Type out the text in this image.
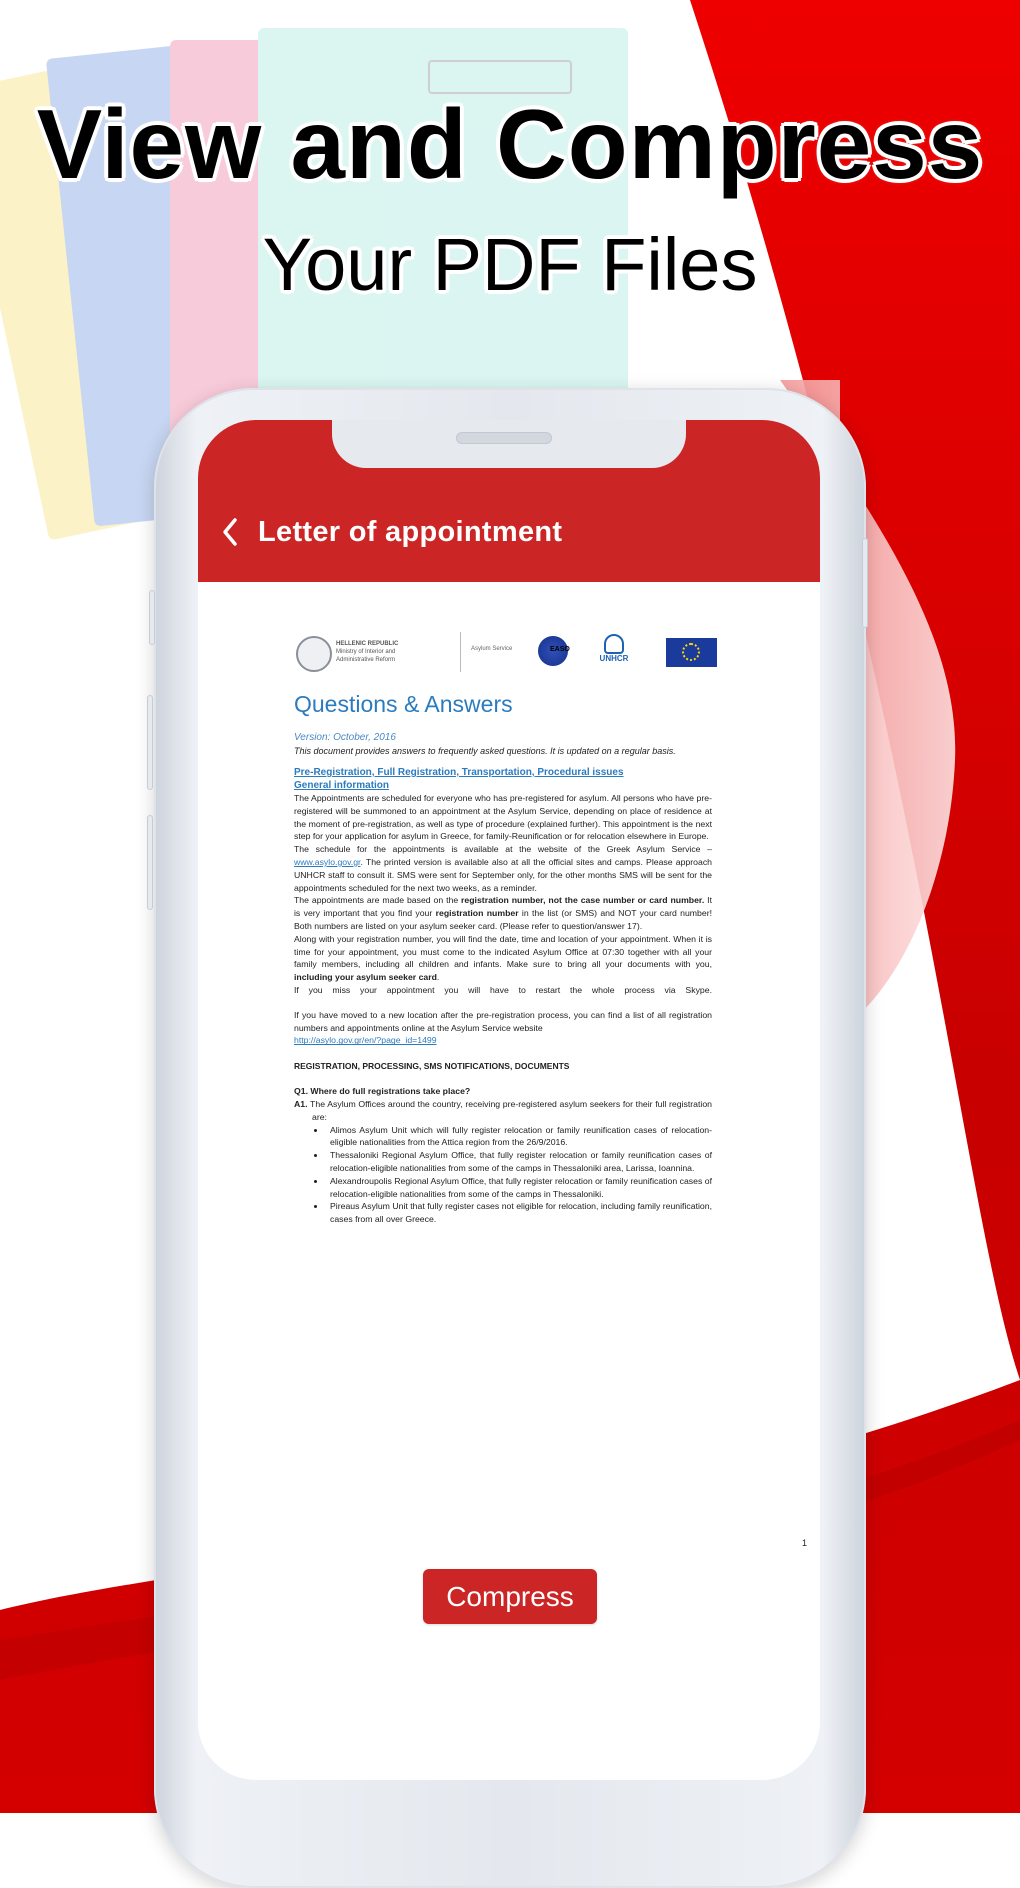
View and Compress
Your PDF Files
Letter of appointment
HELLENIC REPUBLIC
Ministry of Interior and
Administrative Reform
Asylum Service	EASO
UNHCR
Questions & Answers
Version: October, 2016
This document provides answers to frequently asked questions. It is updated on a regular basis.
Pre-Registration, Full Registration, Transportation, Procedural issues
General information

The Appointments are scheduled for everyone who has pre-registered for asylum. All persons who have pre-registered will be summoned to an appointment at the Asylum Service, depending on place of residence at the moment of pre-registration, as well as type of procedure (explained further). This appointment is the next step for your application for asylum in Greece, for family-Reunification or for relocation elsewhere in Europe.

The schedule for the appointments is available at the website of the Greek Asylum Service – www.asylo.gov.gr. The printed version is available also at all the official sites and camps. Please approach UNHCR staff to consult it. SMS were sent for September only, for the other months SMS will be sent for the appointments scheduled for the next two weeks, as a reminder.

The appointments are made based on the registration number, not the case number or card number. It is very important that you find your registration number in the list (or SMS) and NOT your card number! Both numbers are listed on your asylum seeker card. (Please refer to question/answer 17).

Along with your registration number, you will find the date, time and location of your appointment. When it is time for your appointment, you must come to the indicated Asylum Office at 07:30 together with all your family members, including all children and infants. Make sure to bring all your documents with you, including your asylum seeker card.

If you miss your appointment you will have to restart the whole process via Skype.

If you have moved to a new location after the pre-registration process, you can find a list of all registration numbers and appointments online at the Asylum Service website
http://asylo.gov.gr/en/?page_id=1499

REGISTRATION, PROCESSING, SMS NOTIFICATIONS, DOCUMENTS
Q1. Where do full registrations take place?

A1. The Asylum Offices around the country, receiving pre-registered asylum seekers for their full registration are:

• Alimos Asylum Unit which will fully register relocation or family reunification cases of relocation-eligible nationalities from the Attica region from the 26/9/2016.
• Thessaloniki Regional Asylum Office, that fully register relocation or family reunification cases of relocation-eligible nationalities from some of the camps in Thessaloniki area, Larissa, Ioannina.
• Alexandroupolis Regional Asylum Office, that fully register relocation or family reunification cases of relocation-eligible nationalities from some of the camps in Thessaloniki.
• Pireaus Asylum Unit that fully register cases not eligible for relocation, including family reunification, cases from all over Greece.
1
Compress
